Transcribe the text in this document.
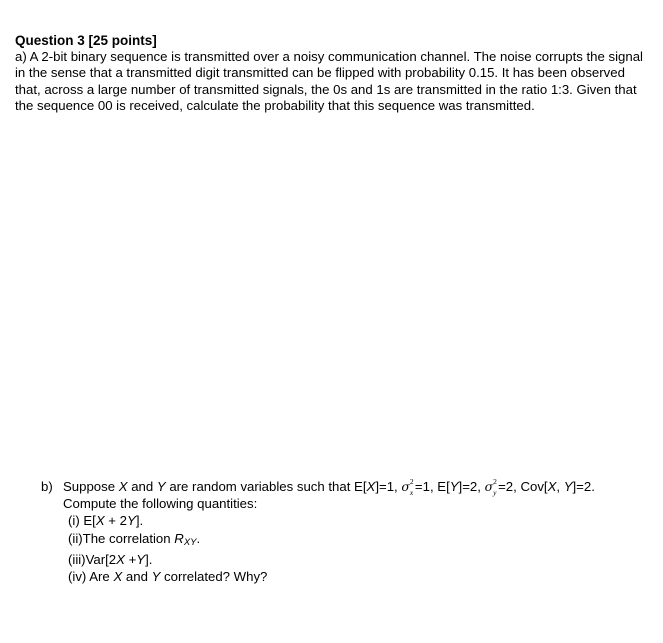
Question 3 [25 points]
a) A 2-bit binary sequence is transmitted over a noisy communication channel. The noise corrupts the signal
in the sense that a transmitted digit transmitted can be flipped with probability 0.15. It has been observed
that, across a large number of transmitted signals, the 0s and 1s are transmitted in the ratio 1:3. Given that
the sequence 00 is received, calculate the probability that this sequence was transmitted.
b) Suppose X and Y are random variables such that E[X]=1, σ 2
x =1, E[Y]=2, σ 2
y =2, Cov[X, Y]=2.
Compute the following quantities:
(i) E[X + 2Y].
(ii)The correlation RXY.
(iii)Var[2X +Y].
(iv) Are X and Y correlated? Why?
